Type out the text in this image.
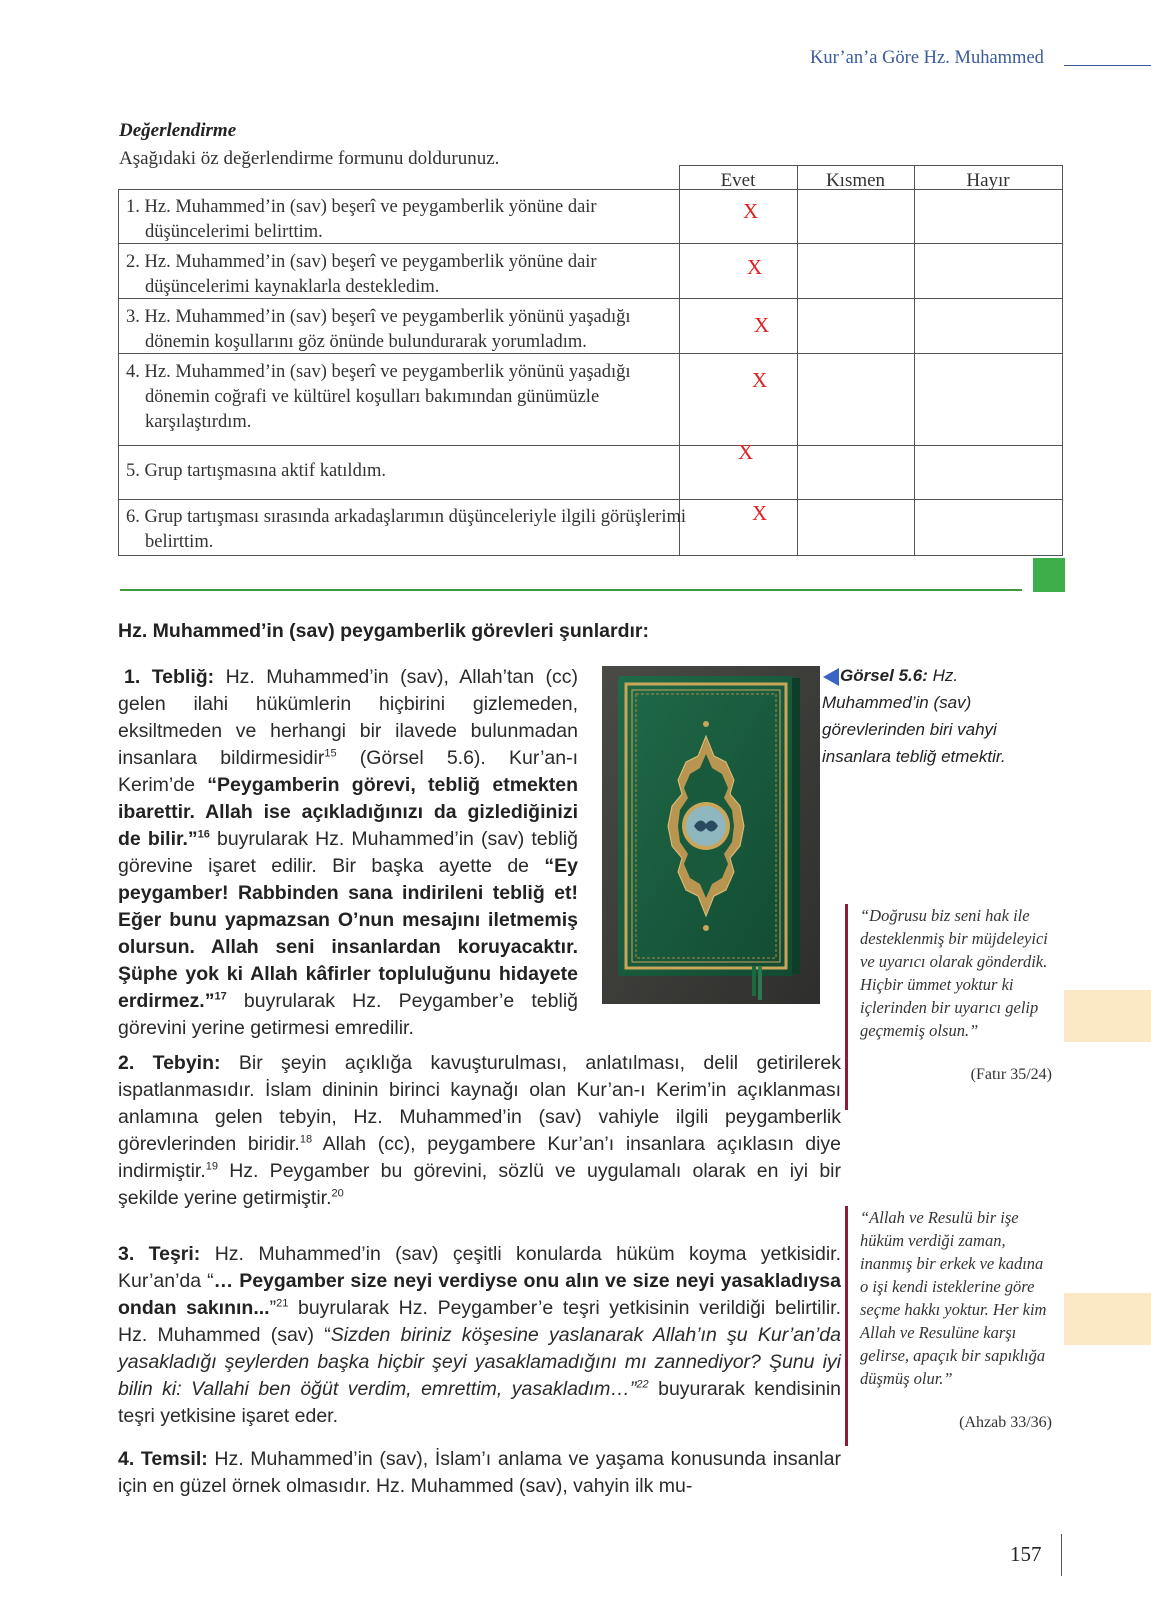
Kur’an’a Göre Hz. Muhammed
Değerlendirme
Aşağıdaki öz değerlendirme formunu doldurunuz.
Evet	Kısmen	Hayır
1. Hz. Muhammed’in (sav) beşerî ve peygamberlik yönüne dair düşüncelerimi belirttim.
2. Hz. Muhammed’in (sav) beşerî ve peygamberlik yönüne dair düşüncelerimi kaynaklarla destekledim.
3. Hz. Muhammed’in (sav) beşerî ve peygamberlik yönünü yaşadığı dönemin koşullarını göz önünde bulundurarak yorumladım.
4. Hz. Muhammed’in (sav) beşerî ve peygamberlik yönünü yaşadığı dönemin coğrafi ve kültürel koşulları bakımından günümüzle karşılaştırdım.
5. Grup tartışmasına aktif katıldım.
6. Grup tartışması sırasında arkadaşlarımın düşünceleriyle ilgili görüşlerimi belirttim.
X
X
X
X
X
X
Hz. Muhammed’in (sav) peygamberlik görevleri şunlardır:
1. Tebliğ: Hz. Muhammed’in (sav), Allah’tan (cc) gelen ilahi hükümlerin hiçbirini gizlemeden, eksiltmeden ve herhangi bir ilavede bulunmadan insanlara bildirmesidir$^{15}$ (Görsel 5.6). Kur’an-ı Kerim’de “Peygamberin görevi, tebliğ etmekten ibarettir. Allah ise açıkladığınızı da gizlediğinizi de bilir.”$^{16}$ buyrularak Hz. Muhammed’in (sav) tebliğ görevine işaret edilir. Bir başka ayette de “Ey peygamber! Rabbinden sana indirileni tebliğ et! Eğer bunu yapmazsan O’nun mesajını iletmemiş olursun. Allah seni insanlardan koruyacaktır. Şüphe yok ki Allah kâfirler topluluğunu hidayete erdirmez.”$^{17}$ buyrularak Hz. Peygamber’e tebliğ görevini yerine getirmesi emredilir.
Görsel 5.6: Hz. Muhammed’in (sav) görevlerinden biri vahyi insanlara tebliğ etmektir.
2. Tebyin: Bir şeyin açıklığa kavuşturulması, anlatılması, delil getirilerek ispatlanmasıdır. İslam dininin birinci kaynağı olan Kur’an-ı Kerim’in açıklanması anlamına gelen tebyin, Hz. Muhammed’in (sav) vahiyle ilgili peygamberlik görevlerinden biridir.$^{18}$ Allah (cc), peygambere Kur’an’ı insanlara açıklasın diye indirmiştir.$^{19}$ Hz. Peygamber bu görevini, sözlü ve uygulamalı olarak en iyi bir şekilde yerine getirmiştir.$^{20}$
3. Teşri: Hz. Muhammed’in (sav) çeşitli konularda hüküm koyma yetkisidir. Kur’an’da “… Peygamber size neyi verdiyse onu alın ve size neyi yasakladıysa ondan sakının...”$^{21}$ buyrularak Hz. Peygamber’e teşri yetkisinin verildiği belirtilir. Hz. Muhammed (sav) “Sizden biriniz köşesine yaslanarak Allah’ın şu Kur’an’da yasakladığı şeylerden başka hiçbir şeyi yasaklamadığını mı zannediyor? Şunu iyi bilin ki: Vallahi ben öğüt verdim, emrettim, yasakladım…”$^{22}$ buyurarak kendisinin teşri yetkisine işaret eder.
4. Temsil: Hz. Muhammed’in (sav), İslam’ı anlama ve yaşama konusunda insanlar için en güzel örnek olmasıdır. Hz. Muhammed (sav), vahyin ilk mu-
“Doğrusu biz seni hak ile desteklenmiş bir müjdeleyici ve uyarıcı olarak gönderdik. Hiçbir ümmet yoktur ki içlerinden bir uyarıcı gelip geçmemiş olsun.”
(Fatır 35/24)
“Allah ve Resulü bir işe hüküm verdiği zaman, inanmış bir erkek ve kadına o işi kendi isteklerine göre seçme hakkı yoktur. Her kim Allah ve Resulüne karşı gelirse, apaçık bir sapıklığa düşmüş olur.”
(Ahzab 33/36)
157
